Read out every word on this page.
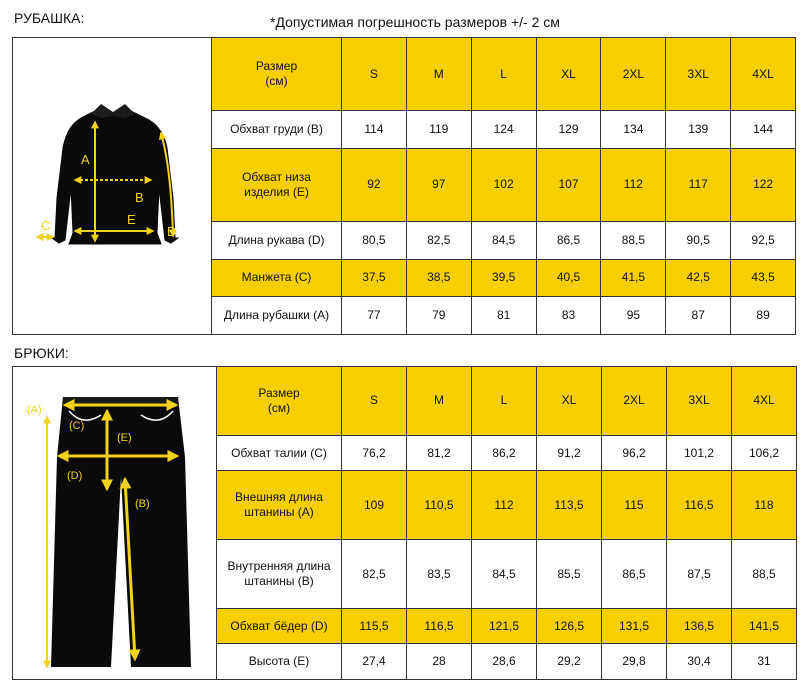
РУБАШКА:	*Допустимая погрешность размеров +/- 2 см
A
B
C	D
E
Размер
(см)	S	M	L	XL	2XL	3XL	4XL
Обхват груди (B)	114	119	124	129	134	139	144
Обхват низа
изделия (E)	92	97	102	107	112	117	122
Длина рукава (D)	80,5	82,5	84,5	86,5	88,5	90,5	92,5
Манжета (C)	37,5	38,5	39,5	40,5	41,5	42,5	43,5
Длина рубашки (A)	77	79	81	83	95	87	89
БРЮКИ:
(A)
(C)
(D)
(E)
(B)
Размер
(см)	S	M	L	XL	2XL	3XL	4XL
Обхват талии (C)	76,2	81,2	86,2	91,2	96,2	101,2	106,2
Внешняя длина
штанины (A)	109	110,5	112	113,5	115	116,5	118
Внутренняя длина
штанины (B)	82,5	83,5	84,5	85,5	86,5	87,5	88,5
Обхват бёдер (D)	115,5	116,5	121,5	126,5	131,5	136,5	141,5
Высота (E)	27,4	28	28,6	29,2	29,8	30,4	31
